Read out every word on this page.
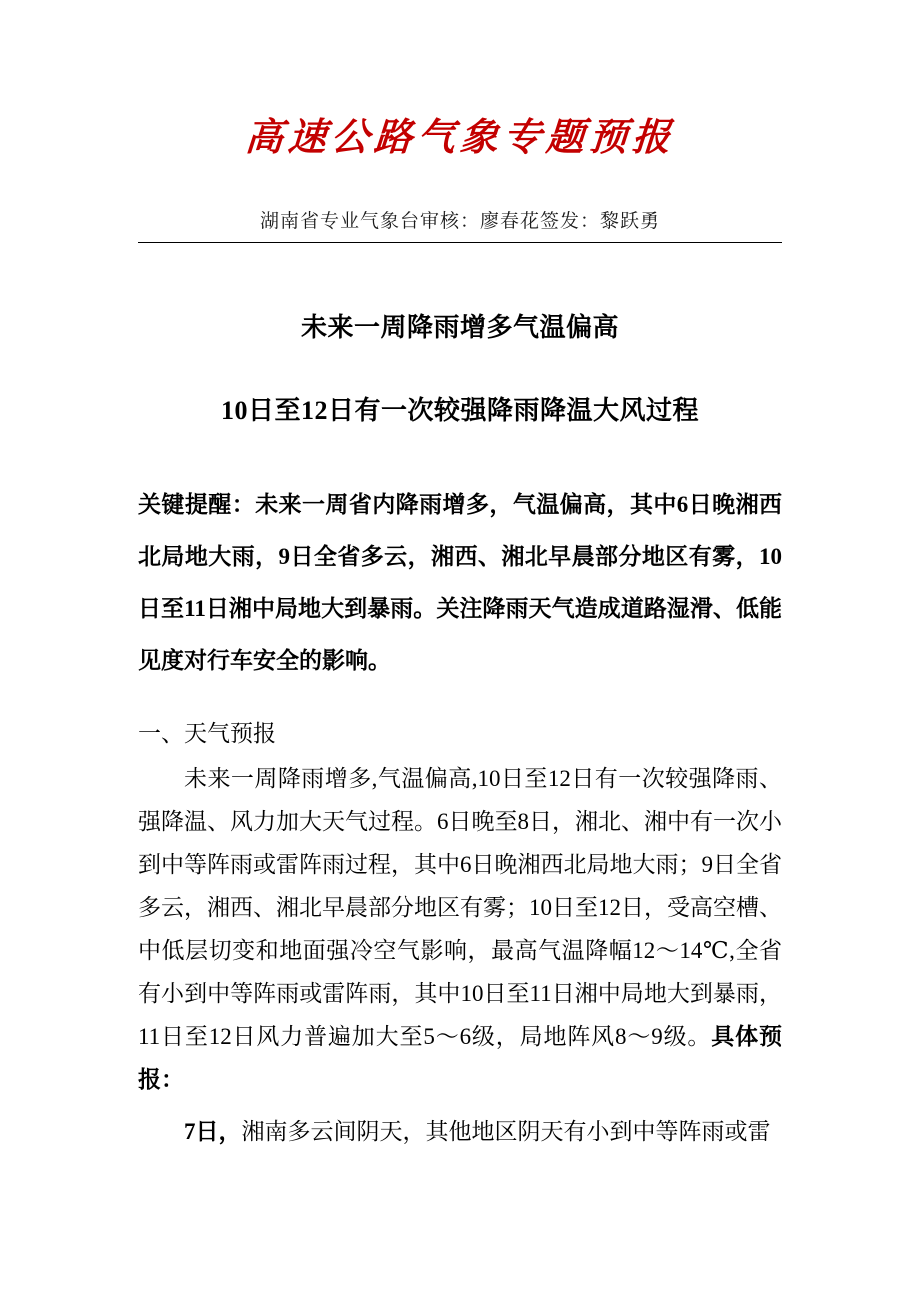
高速公路气象专题预报
湖南省专业气象台审核：廖春花签发：黎跃勇
未来一周降雨增多气温偏高
10日至12日有一次较强降雨降温大风过程

关键提醒：未来一周省内降雨增多，气温偏高，其中6日晚湘西北局地大雨，9日全省多云，湘西、湘北早晨部分地区有雾，10日至11日湘中局地大到暴雨。关注降雨天气造成道路湿滑、低能见度对行车安全的影响。

一、天气预报

未来一周降雨增多,气温偏高,10日至12日有一次较强降雨、强降温、风力加大天气过程。6日晚至8日，湘北、湘中有一次小到中等阵雨或雷阵雨过程，其中6日晚湘西北局地大雨；9日全省多云，湘西、湘北早晨部分地区有雾；10日至12日，受高空槽、中低层切变和地面强冷空气影响，最高气温降幅12～14℃,全省有小到中等阵雨或雷阵雨，其中10日至11日湘中局地大到暴雨，11日至12日风力普遍加大至5～6级，局地阵风8～9级。具体预报：

7日，湘南多云间阴天，其他地区阴天有小到中等阵雨或雷
